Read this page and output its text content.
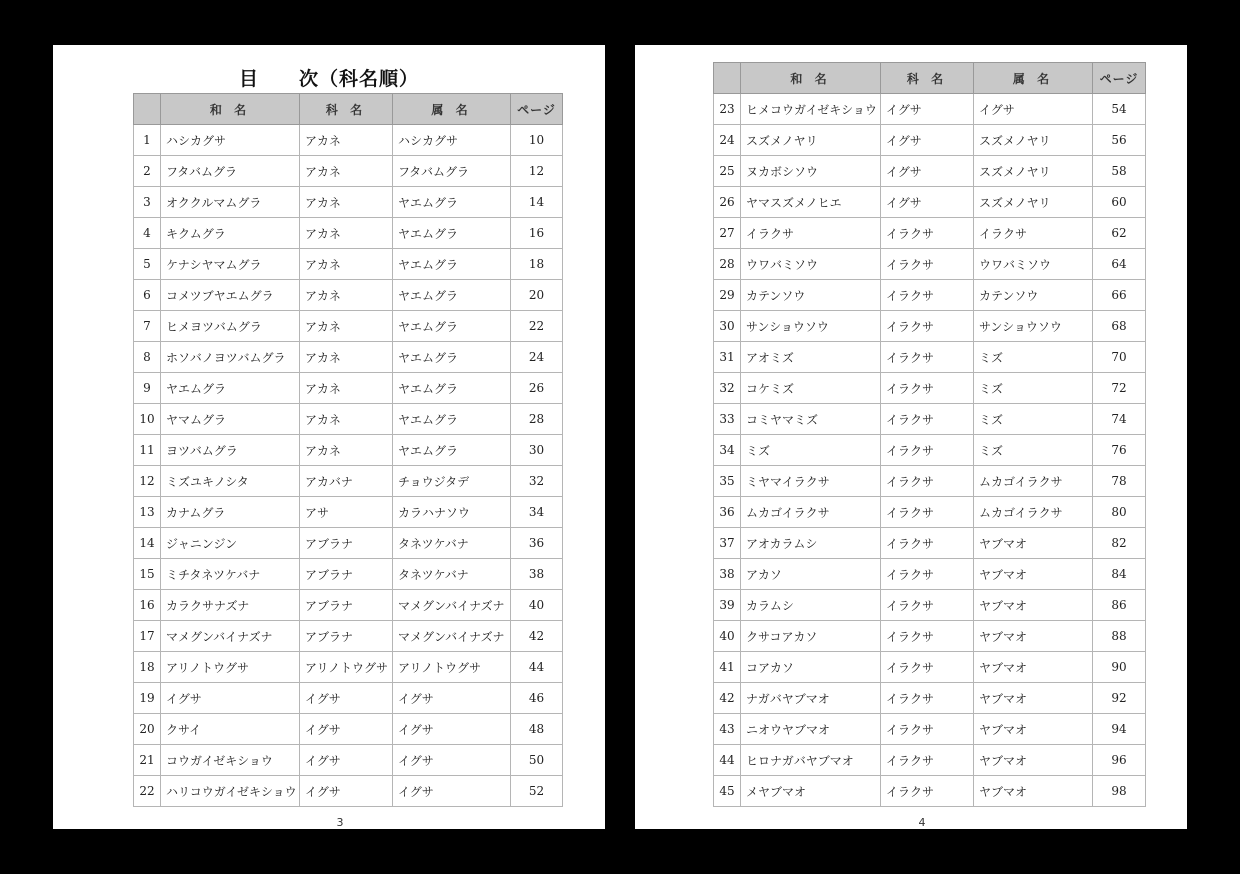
目　　次（科名順）
	和 名	科 名	属 名	ページ
1	ハシカグサ	アカネ	ハシカグサ	10
2	フタバムグラ	アカネ	フタバムグラ	12
3	オククルマムグラ	アカネ	ヤエムグラ	14
4	キクムグラ	アカネ	ヤエムグラ	16
5	ケナシヤマムグラ	アカネ	ヤエムグラ	18
6	コメツブヤエムグラ	アカネ	ヤエムグラ	20
7	ヒメヨツバムグラ	アカネ	ヤエムグラ	22
8	ホソバノヨツバムグラ	アカネ	ヤエムグラ	24
9	ヤエムグラ	アカネ	ヤエムグラ	26
10	ヤマムグラ	アカネ	ヤエムグラ	28
11	ヨツバムグラ	アカネ	ヤエムグラ	30
12	ミズユキノシタ	アカバナ	チョウジタデ	32
13	カナムグラ	アサ	カラハナソウ	34
14	ジャニンジン	アブラナ	タネツケバナ	36
15	ミチタネツケバナ	アブラナ	タネツケバナ	38
16	カラクサナズナ	アブラナ	マメグンバイナズナ	40
17	マメグンバイナズナ	アブラナ	マメグンバイナズナ	42
18	アリノトウグサ	アリノトウグサ	アリノトウグサ	44
19	イグサ	イグサ	イグサ	46
20	クサイ	イグサ	イグサ	48
21	コウガイゼキショウ	イグサ	イグサ	50
22	ハリコウガイゼキショウ	イグサ	イグサ	52
	和 名	科 名	属 名	ページ
23	ヒメコウガイゼキショウ	イグサ	イグサ	54
24	スズメノヤリ	イグサ	スズメノヤリ	56
25	ヌカボシソウ	イグサ	スズメノヤリ	58
26	ヤマスズメノヒエ	イグサ	スズメノヤリ	60
27	イラクサ	イラクサ	イラクサ	62
28	ウワバミソウ	イラクサ	ウワバミソウ	64
29	カテンソウ	イラクサ	カテンソウ	66
30	サンショウソウ	イラクサ	サンショウソウ	68
31	アオミズ	イラクサ	ミズ	70
32	コケミズ	イラクサ	ミズ	72
33	コミヤマミズ	イラクサ	ミズ	74
34	ミズ	イラクサ	ミズ	76
35	ミヤマイラクサ	イラクサ	ムカゴイラクサ	78
36	ムカゴイラクサ	イラクサ	ムカゴイラクサ	80
37	アオカラムシ	イラクサ	ヤブマオ	82
38	アカソ	イラクサ	ヤブマオ	84
39	カラムシ	イラクサ	ヤブマオ	86
40	クサコアカソ	イラクサ	ヤブマオ	88
41	コアカソ	イラクサ	ヤブマオ	90
42	ナガバヤブマオ	イラクサ	ヤブマオ	92
43	ニオウヤブマオ	イラクサ	ヤブマオ	94
44	ヒロナガバヤブマオ	イラクサ	ヤブマオ	96
45	メヤブマオ	イラクサ	ヤブマオ	98
3	4
